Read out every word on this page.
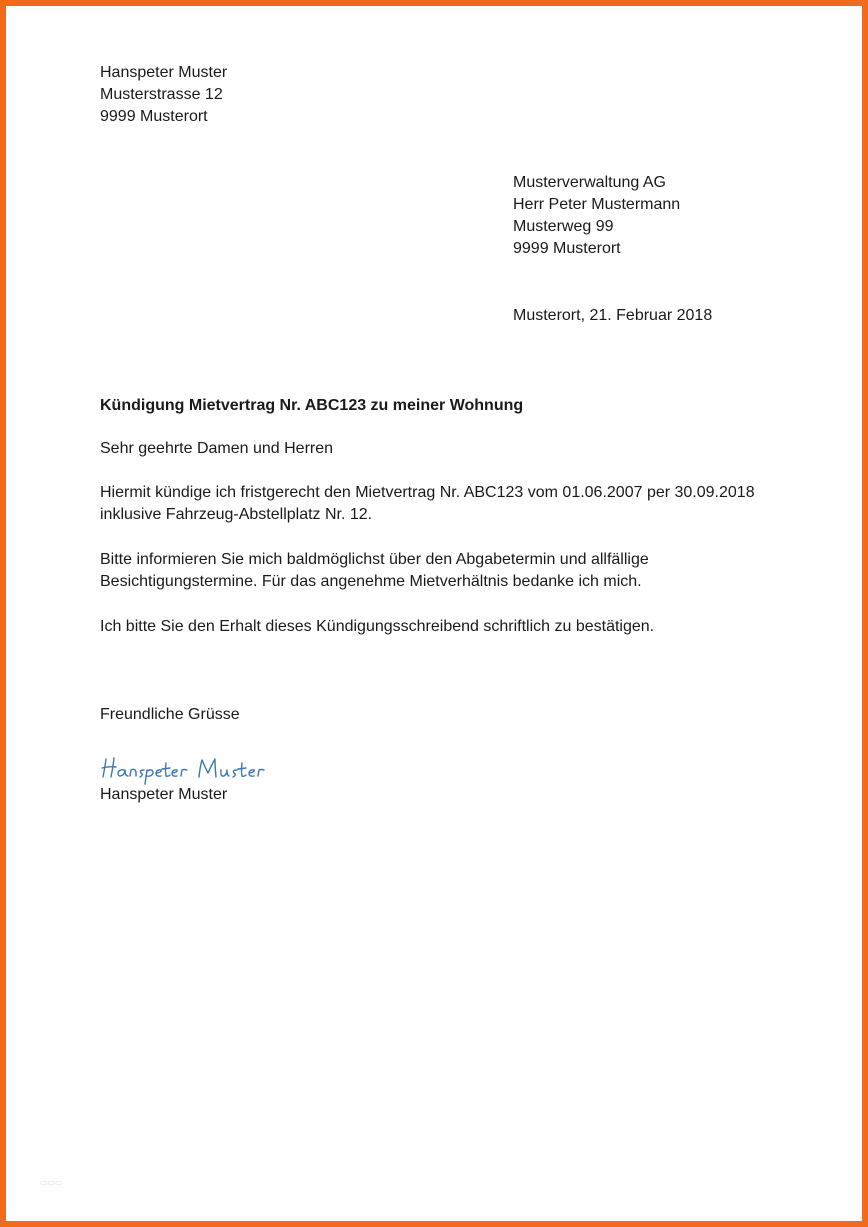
Hanspeter Muster
Musterstrasse 12
9999 Musterort
Musterverwaltung AG
Herr Peter Mustermann
Musterweg 99
9999 Musterort
Musterort, 21. Februar 2018
Kündigung Mietvertrag Nr. ABC123 zu meiner Wohnung
Sehr geehrte Damen und Herren
Hiermit kündige ich fristgerecht den Mietvertrag Nr. ABC123 vom 01.06.2007 per 30.09.2018
inklusive Fahrzeug-Abstellplatz Nr. 12.
Bitte informieren Sie mich baldmöglichst über den Abgabetermin und allfällige
Besichtigungstermine. Für das angenehme Mietverhältnis bedanke ich mich.
Ich bitte Sie den Erhalt dieses Kündigungsschreibend schriftlich zu bestätigen.
Freundliche Grüsse
Hanspeter Muster
▭▭▭
